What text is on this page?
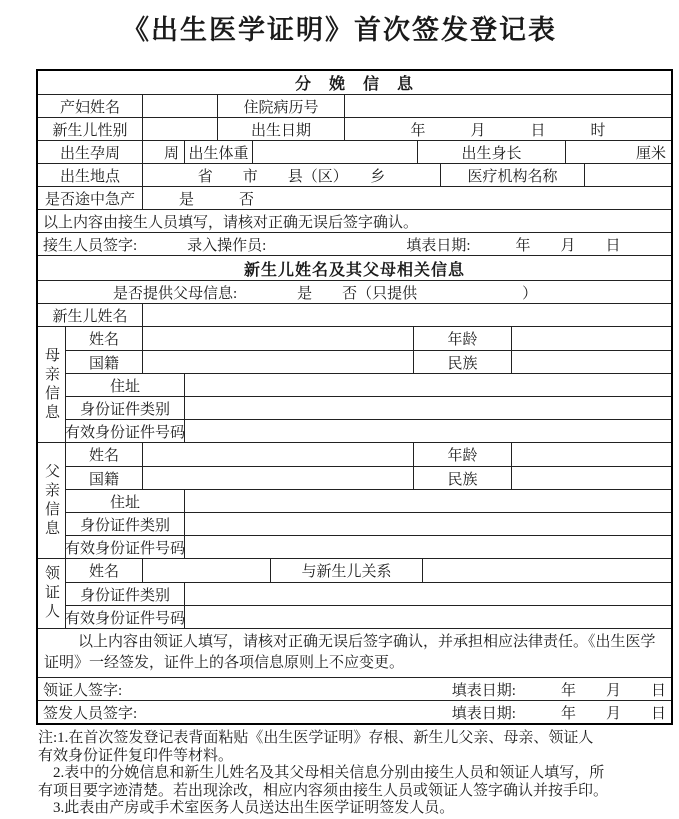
《出生医学证明》首次签发登记表
分　娩　信　息
产妇姓名	住院病历号
新生儿性别	出生日期	年　　　月　　　日　　　时
出生孕周	周 出生体重	出生身长	厘米
出生地点	省　　市　　县（区）　　乡	医疗机构名称
是否途中急产	是　　　否
以上内容由接生人员填写，请核对正确无误后签字确认。
接生人员签字:	录入操作员:	填表日期:	年　　月　　日
新生儿姓名及其父母相关信息
是否提供父母信息:　　　　是　　否（只提供　　　　　　　）
新生儿姓名
母亲信息
姓名	年龄
国籍	民族
住址
身份证件类别
有效身份证件号码
父亲信息
姓名	年龄
国籍	民族
住址
身份证件类别
有效身份证件号码
领证人	姓名	与新生儿关系
身份证件类别
有效身份证件号码
以上内容由领证人填写，请核对正确无误后签字确认，并承担相应法律责任。《出生医学证明》一经签发，证件上的各项信息原则上不应变更。
领证人签字:	填表日期:　　　	年　　月　　日
签发人员签字:	填表日期:　　　	年　　月　　日
注:1.在首次签发登记表背面粘贴《出生医学证明》存根、新生儿父亲、母亲、领证人
有效身份证件复印件等材料。
　2.表中的分娩信息和新生儿姓名及其父母相关信息分别由接生人员和领证人填写，所
有项目要字迹清楚。若出现涂改，相应内容须由接生人员或领证人签字确认并按手印。
　3.此表由产房或手术室医务人员送达出生医学证明签发人员。
